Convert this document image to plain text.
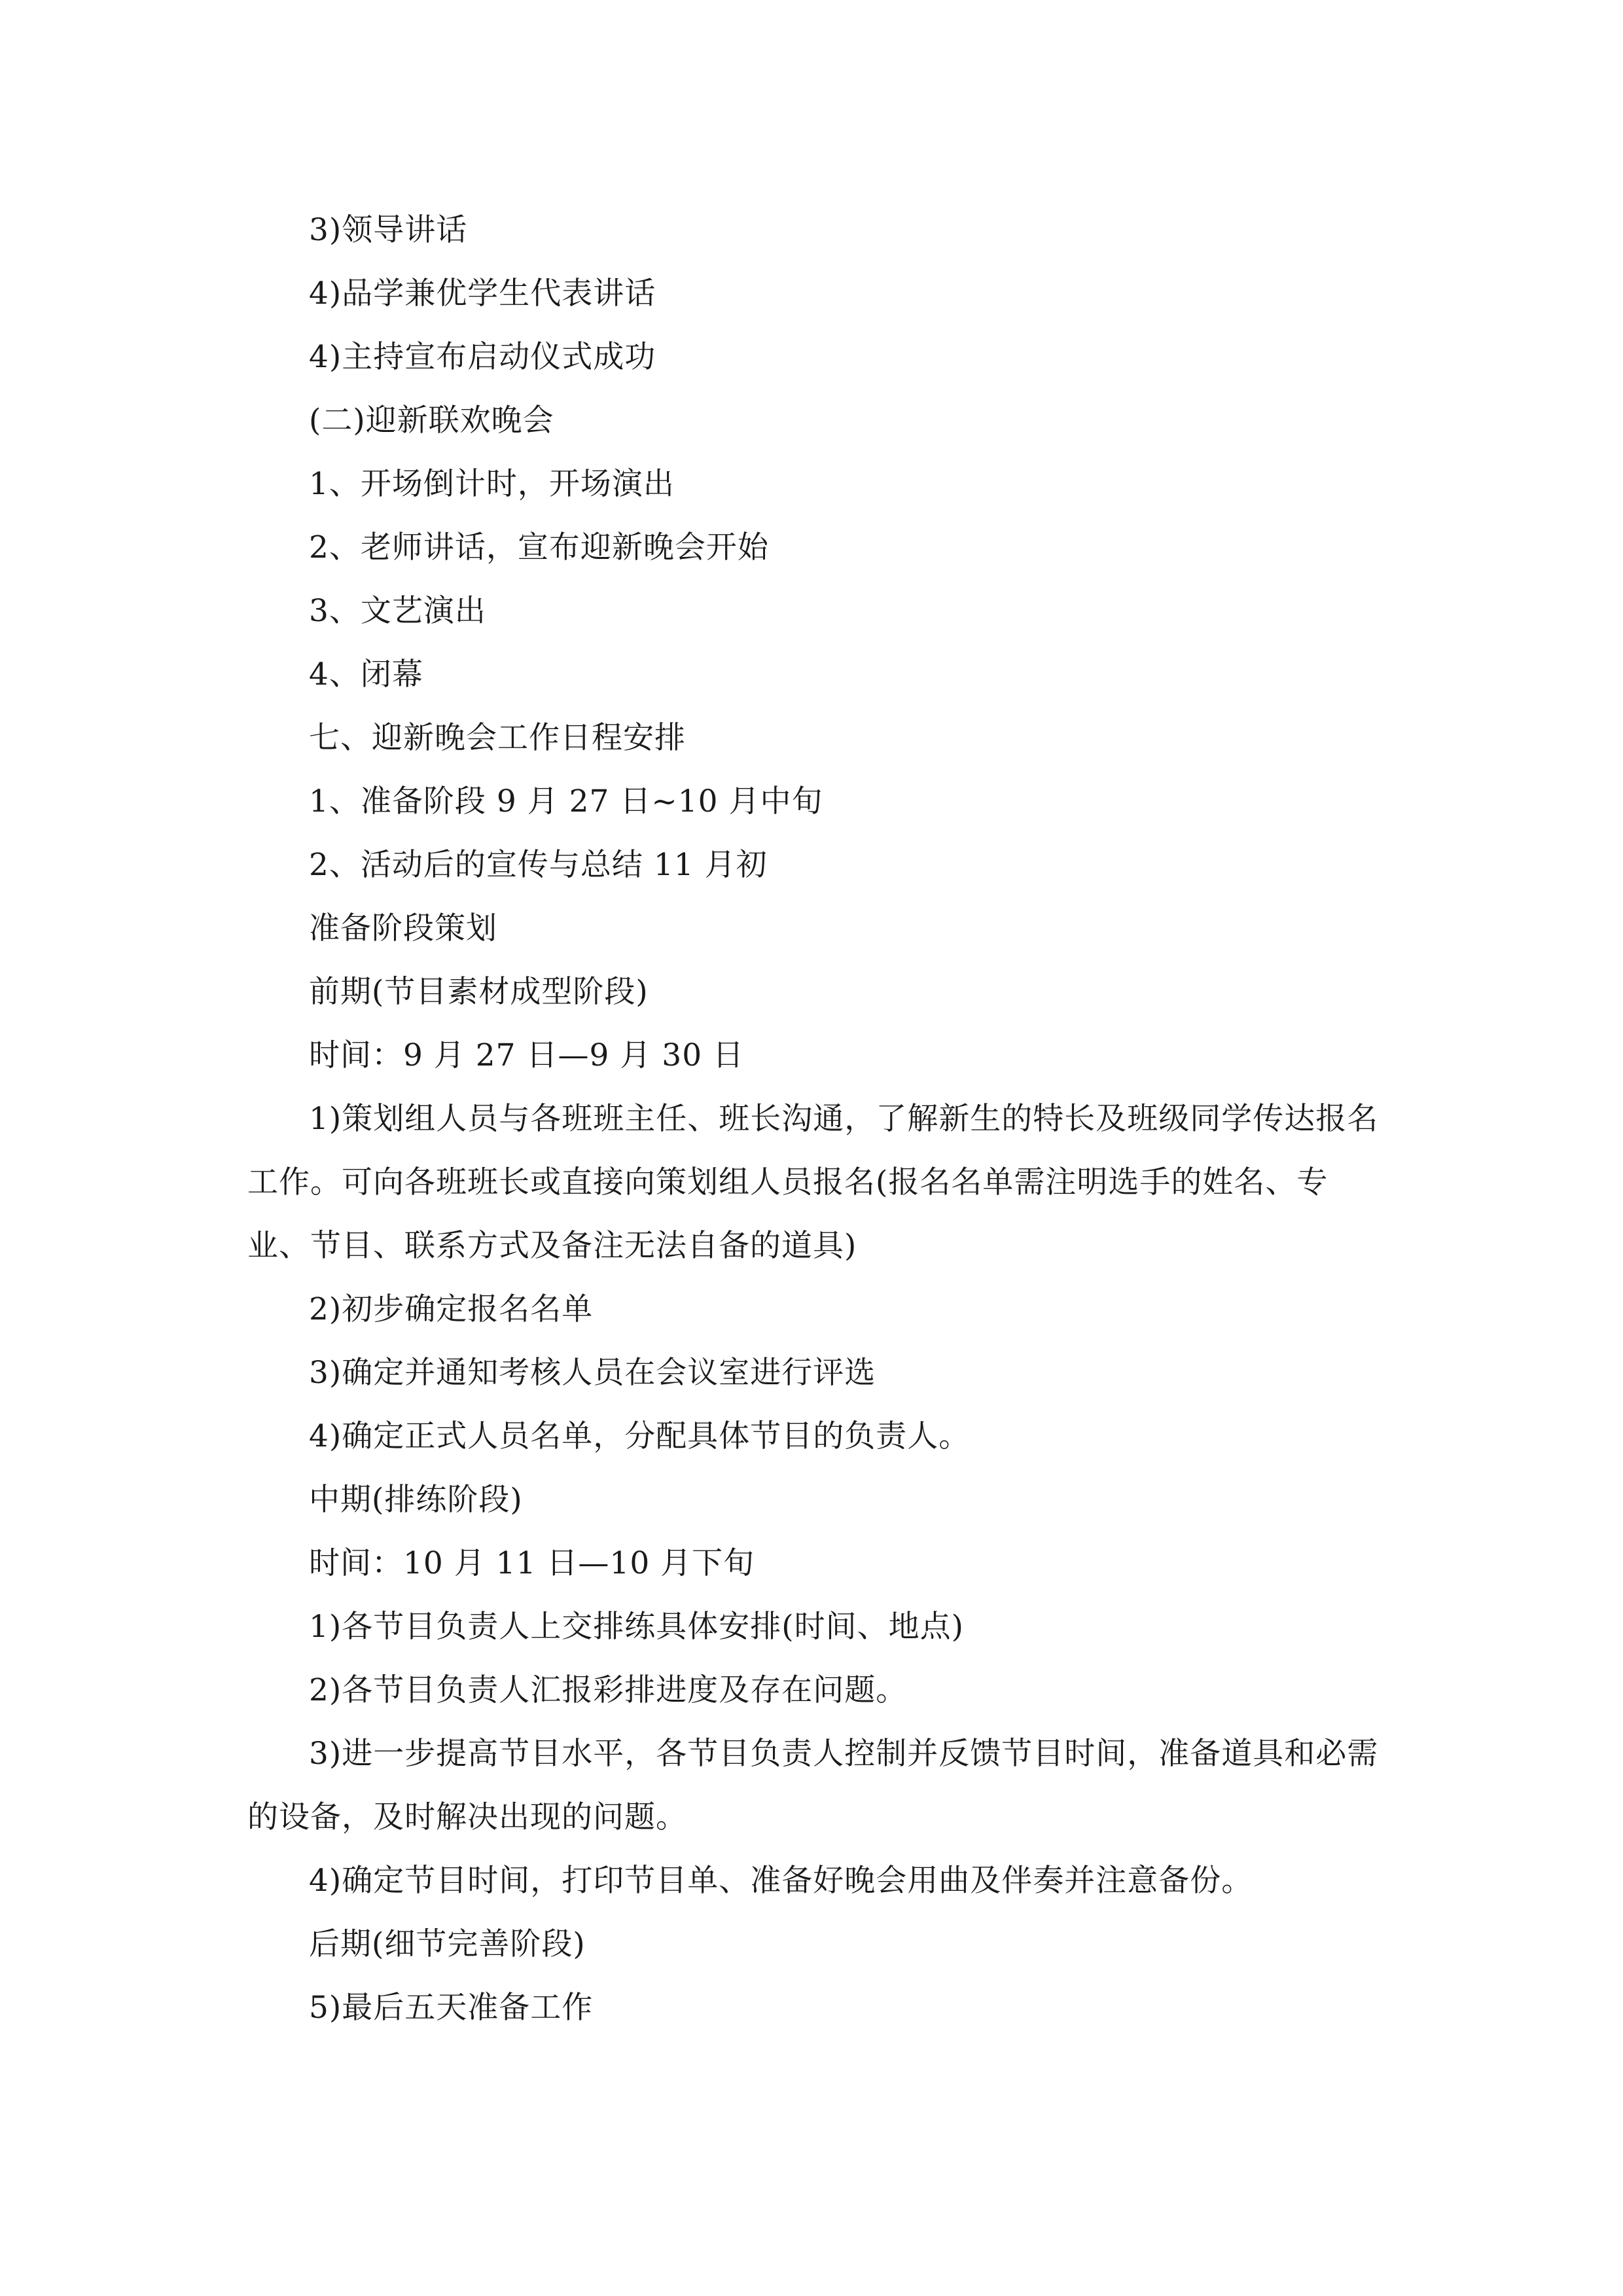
3)领导讲话

4)品学兼优学生代表讲话

4)主持宣布启动仪式成功

(二)迎新联欢晚会

1、开场倒计时，开场演出

2、老师讲话，宣布迎新晚会开始

3、文艺演出

4、闭幕

七、迎新晚会工作日程安排

1、准备阶段 9 月 27 日~10 月中旬

2、活动后的宣传与总结 11 月初

准备阶段策划

前期(节目素材成型阶段)

时间：9 月 27 日—9 月 30 日

1)策划组人员与各班班主任、班长沟通，了解新生的特长及班级同学传达报名工作。可向各班班长或直接向策划组人员报名(报名名单需注明选手的姓名、专业、节目、联系方式及备注无法自备的道具)

2)初步确定报名名单

3)确定并通知考核人员在会议室进行评选

4)确定正式人员名单，分配具体节目的负责人。

中期(排练阶段)

时间：10 月 11 日—10 月下旬

1)各节目负责人上交排练具体安排(时间、地点)

2)各节目负责人汇报彩排进度及存在问题。

3)进一步提高节目水平，各节目负责人控制并反馈节目时间，准备道具和必需的设备，及时解决出现的问题。

4)确定节目时间，打印节目单、准备好晚会用曲及伴奏并注意备份。

后期(细节完善阶段)

5)最后五天准备工作
